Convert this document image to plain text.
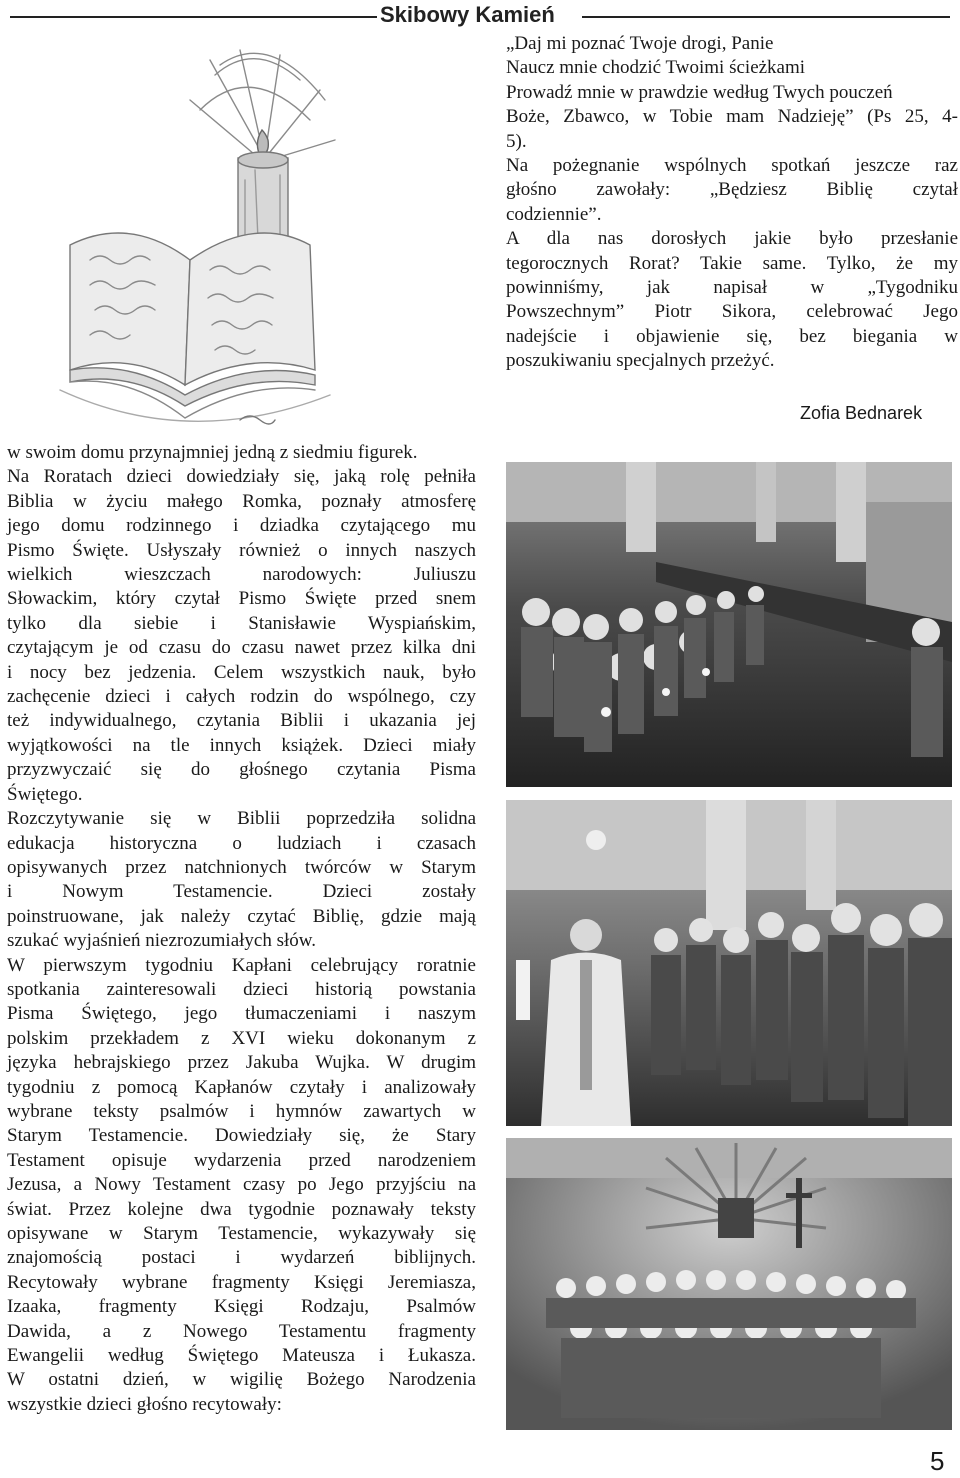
Skibowy Kamień
„Daj mi poznać Twoje drogi, Panie
Naucz mnie chodzić Twoimi ścieżkami
Prowadź mnie w prawdzie według Twych pouczeń
Boże, Zbawco, w Tobie mam Nadzieję” (Ps 25, 4-
5).
Na pożegnanie wspólnych spotkań jeszcze raz
głośno zawołały: „Będziesz Biblię czytał
codziennie”.
A dla nas dorosłych jakie było przesłanie
tegorocznych Rorat? Takie same. Tylko, że my
powinniśmy, jak napisał w „Tygodniku
Powszechnym” Piotr Sikora, celebrować Jego
nadejście i objawienie się, bez biegania w
poszukiwaniu specjalnych przeżyć.
Zofia Bednarek
w swoim domu przynajmniej jedną z siedmiu figurek.
Na Roratach dzieci dowiedziały się, jaką rolę pełniła
Biblia w życiu małego Romka, poznały atmosferę
jego domu rodzinnego i dziadka czytającego mu
Pismo Święte. Usłyszały również o innych naszych
wielkich wieszczach narodowych: Juliuszu
Słowackim, który czytał Pismo Święte przed snem
tylko dla siebie i Stanisławie Wyspiańskim,
czytającym je od czasu do czasu nawet przez kilka dni
i nocy bez jedzenia. Celem wszystkich nauk, było
zachęcenie dzieci i całych rodzin do wspólnego, czy
też indywidualnego, czytania Biblii i ukazania jej
wyjątkowości na tle innych książek. Dzieci miały
przyzwyczaić się do głośnego czytania Pisma
Świętego.
Rozczytywanie się w Biblii poprzedziła solidna
edukacja historyczna o ludziach i czasach
opisywanych przez natchnionych twórców w Starym
i Nowym Testamencie. Dzieci zostały
poinstruowane, jak należy czytać Biblię, gdzie mają
szukać wyjaśnień niezrozumiałych słów.
W pierwszym tygodniu Kapłani celebrujący roratnie
spotkania zainteresowali dzieci historią powstania
Pisma Świętego, jego tłumaczeniami i naszym
polskim przekładem z XVI wieku dokonanym z
języka hebrajskiego przez Jakuba Wujka. W drugim
tygodniu z pomocą Kapłanów czytały i analizowały
wybrane teksty psalmów i hymnów zawartych w
Starym Testamencie. Dowiedziały się, że Stary
Testament opisuje wydarzenia przed narodzeniem
Jezusa, a Nowy Testament czasy po Jego przyjściu na
świat. Przez kolejne dwa tygodnie poznawały teksty
opisywane w Starym Testamencie, wykazywały się
znajomością postaci i wydarzeń biblijnych.
Recytowały wybrane fragmenty Księgi Jeremiasza,
Izaaka, fragmenty Księgi Rodzaju, Psalmów
Dawida, a z Nowego Testamentu fragmenty
Ewangelii według Świętego Mateusza i Łukasza.
W ostatni dzień, w wigilię Bożego Narodzenia
wszystkie dzieci głośno recytowały:
5
